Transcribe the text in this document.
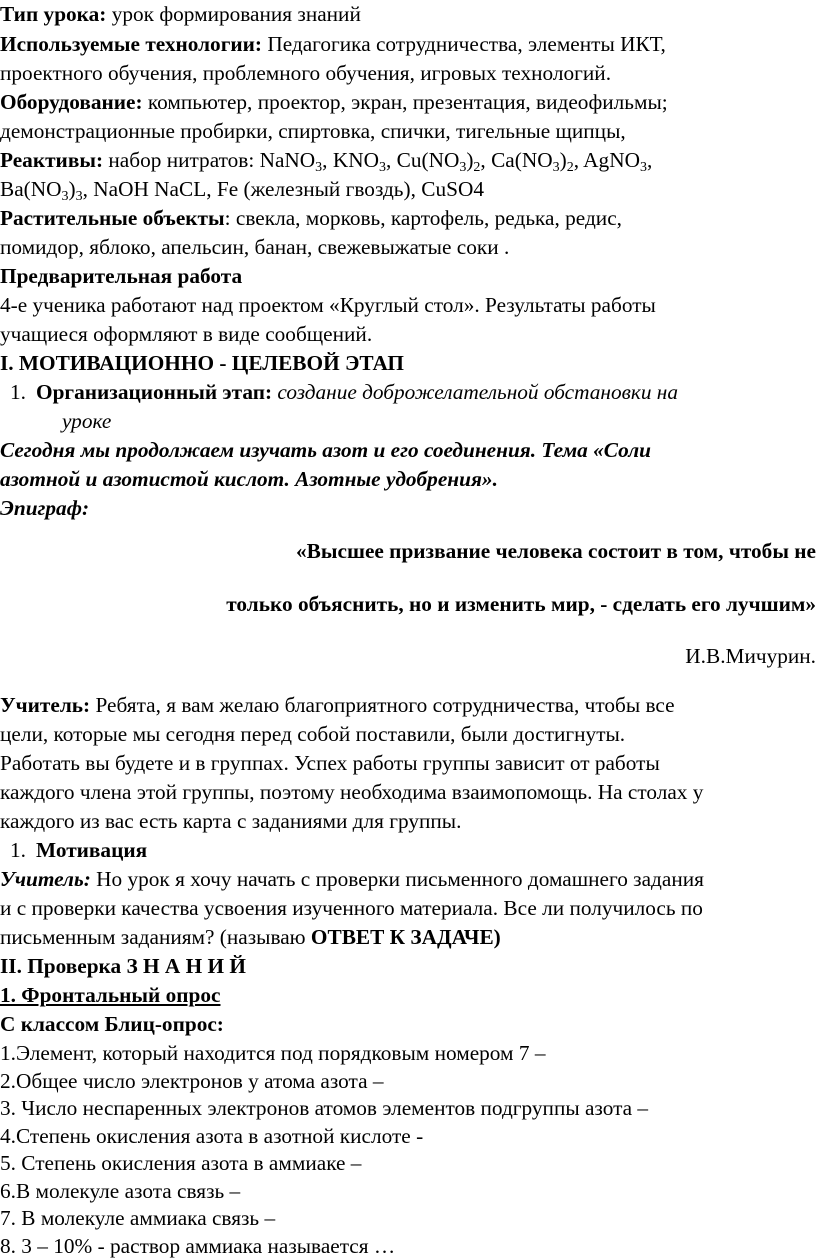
Тип урока: урок формирования знаний

Используемые технологии: Педагогика сотрудничества, элементы ИКТ,

проектного обучения, проблемного обучения, игровых технологий.

Оборудование: компьютер, проектор, экран, презентация, видеофильмы;

демонстрационные пробирки, спиртовка, спички, тигельные щипцы,

Реактивы: набор нитратов: NaNO$_3$, $KNO_3$, $Cu(NO_3)_2$, $Ca(NO_3)_2$, AgNO$_3$,

$Ba(NO_3)_3$, NaOH NaCL, Fe (железный гвоздь), CuSO4

Растительные объекты: свекла, морковь, картофель, редька, редис,

помидор, яблоко, апельсин, банан, свежевыжатые соки .

Предварительная работа

4-е ученика работают над проектом «Круглый стол». Результаты работы

учащиеся оформляют в виде сообщений.

I. МОТИВАЦИОННО - ЦЕЛЕВОЙ ЭТАП

1. Организационный этап: создание доброжелательной обстановки на

уроке

Сегодня мы продолжаем изучать азот и его соединения. Тема «Соли

азотной и азотистой кислот. Азотные удобрения».

Эпиграф:

«Высшее призвание человека состоит в том, чтобы не

только объяснить, но и изменить мир, - сделать его лучшим»

И.В.Мичурин.

Учитель: Ребята, я вам желаю благоприятного сотрудничества, чтобы все

цели, которые мы сегодня перед собой поставили, были достигнуты.

Работать вы будете и в группах. Успех работы группы зависит от работы

каждого члена этой группы, поэтому необходима взаимопомощь. На столах у

каждого из вас есть карта с заданиями для группы.

1. Мотивация

Учитель: Но урок я хочу начать с проверки письменного домашнего задания

и с проверки качества усвоения изученного материала. Все ли получилось по

письменным заданиям? (называю ОТВЕТ К ЗАДАЧЕ)

II. Проверка З Н А Н И Й

1. Фронтальный опрос

С классом Блиц-опрос:

1.Элемент, который находится под порядковым номером 7 –

2.Общее число электронов у атома азота –

3. Число неспаренных электронов атомов элементов подгруппы азота –

4.Степень окисления азота в азотной кислоте -

5. Степень окисления азота в аммиаке –

6.В молекуле азота связь –

7. В молекуле аммиака связь –

8. 3 – 10% - раствор аммиака называется …
